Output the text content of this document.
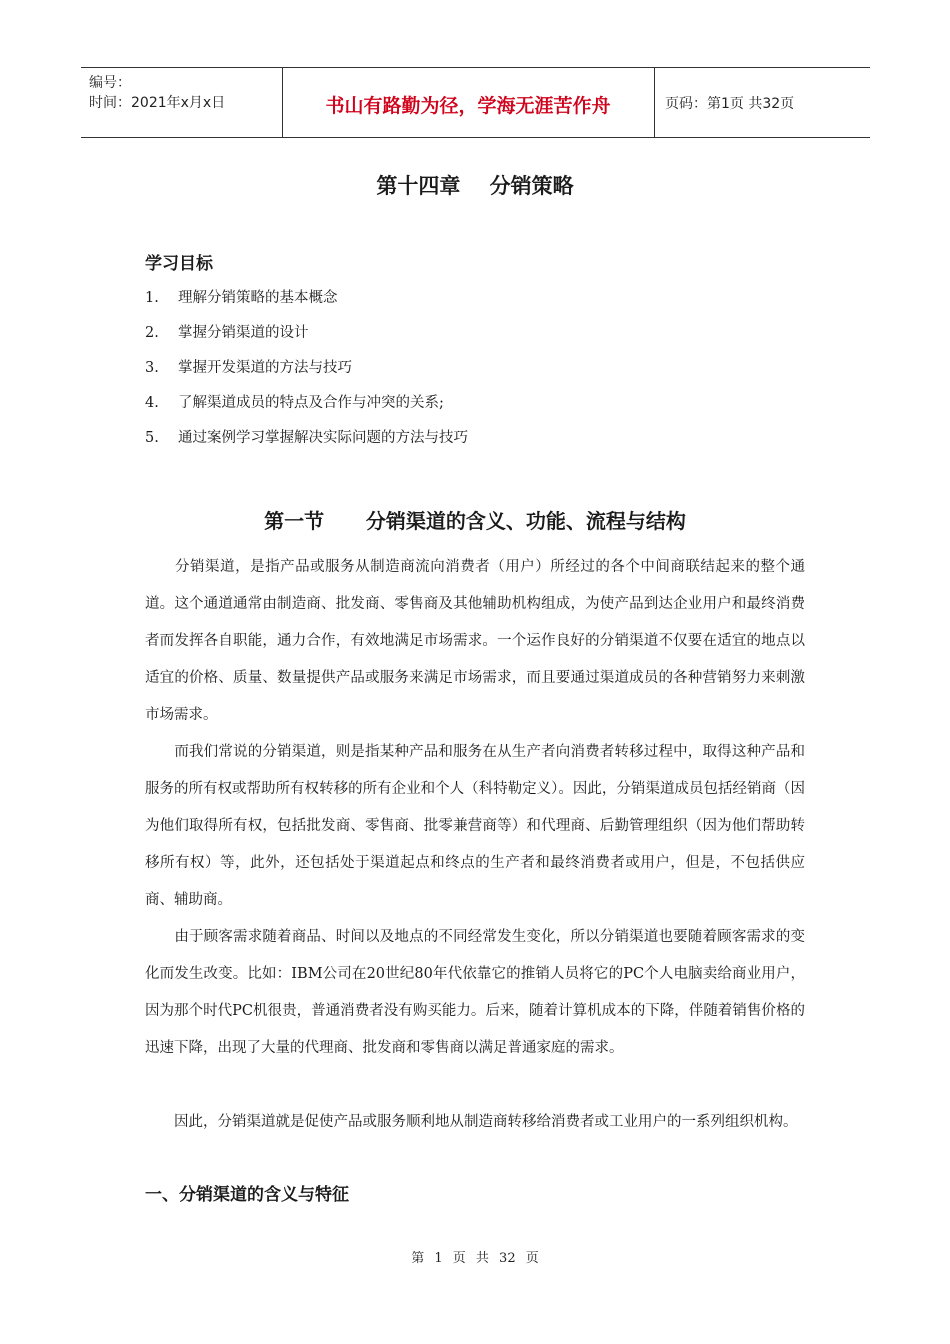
编号：
时间：2021年x月x日	书山有路勤为径，学海无涯苦作舟	页码：第1页 共32页
第十四章    分销策略
学习目标
1. 理解分销策略的基本概念
2. 掌握分销渠道的设计
3. 掌握开发渠道的方法与技巧
4. 了解渠道成员的特点及合作与冲突的关系;
5. 通过案例学习掌握解决实际问题的方法与技巧
第一节      分销渠道的含义、功能、流程与结构

　　分销渠道，是指产品或服务从制造商流向消费者（用户）所经过的各个中间商联结起来的整个通道。这个通道通常由制造商、批发商、零售商及其他辅助机构组成，为使产品到达企业用户和最终消费者而发挥各自职能，通力合作，有效地满足市场需求。一个运作良好的分销渠道不仅要在适宜的地点以适宜的价格、质量、数量提供产品或服务来满足市场需求，而且要通过渠道成员的各种营销努力来刺激市场需求。

　　而我们常说的分销渠道，则是指某种产品和服务在从生产者向消费者转移过程中，取得这种产品和服务的所有权或帮助所有权转移的所有企业和个人（科特勒定义）。因此，分销渠道成员包括经销商（因为他们取得所有权，包括批发商、零售商、批零兼营商等）和代理商、后勤管理组织（因为他们帮助转移所有权）等，此外，还包括处于渠道起点和终点的生产者和最终消费者或用户，但是，不包括供应商、辅助商。

　　由于顾客需求随着商品、时间以及地点的不同经常发生变化，所以分销渠道也要随着顾客需求的变化而发生改变。比如：IBM公司在20世纪80年代依靠它的推销人员将它的PC个人电脑卖给商业用户，因为那个时代PC机很贵，普通消费者没有购买能力。后来，随着计算机成本的下降，伴随着销售价格的迅速下降，出现了大量的代理商、批发商和零售商以满足普通家庭的需求。

　　因此，分销渠道就是促使产品或服务顺利地从制造商转移给消费者或工业用户的一系列组织机构。

一、分销渠道的含义与特征
第 1 页 共 32 页
